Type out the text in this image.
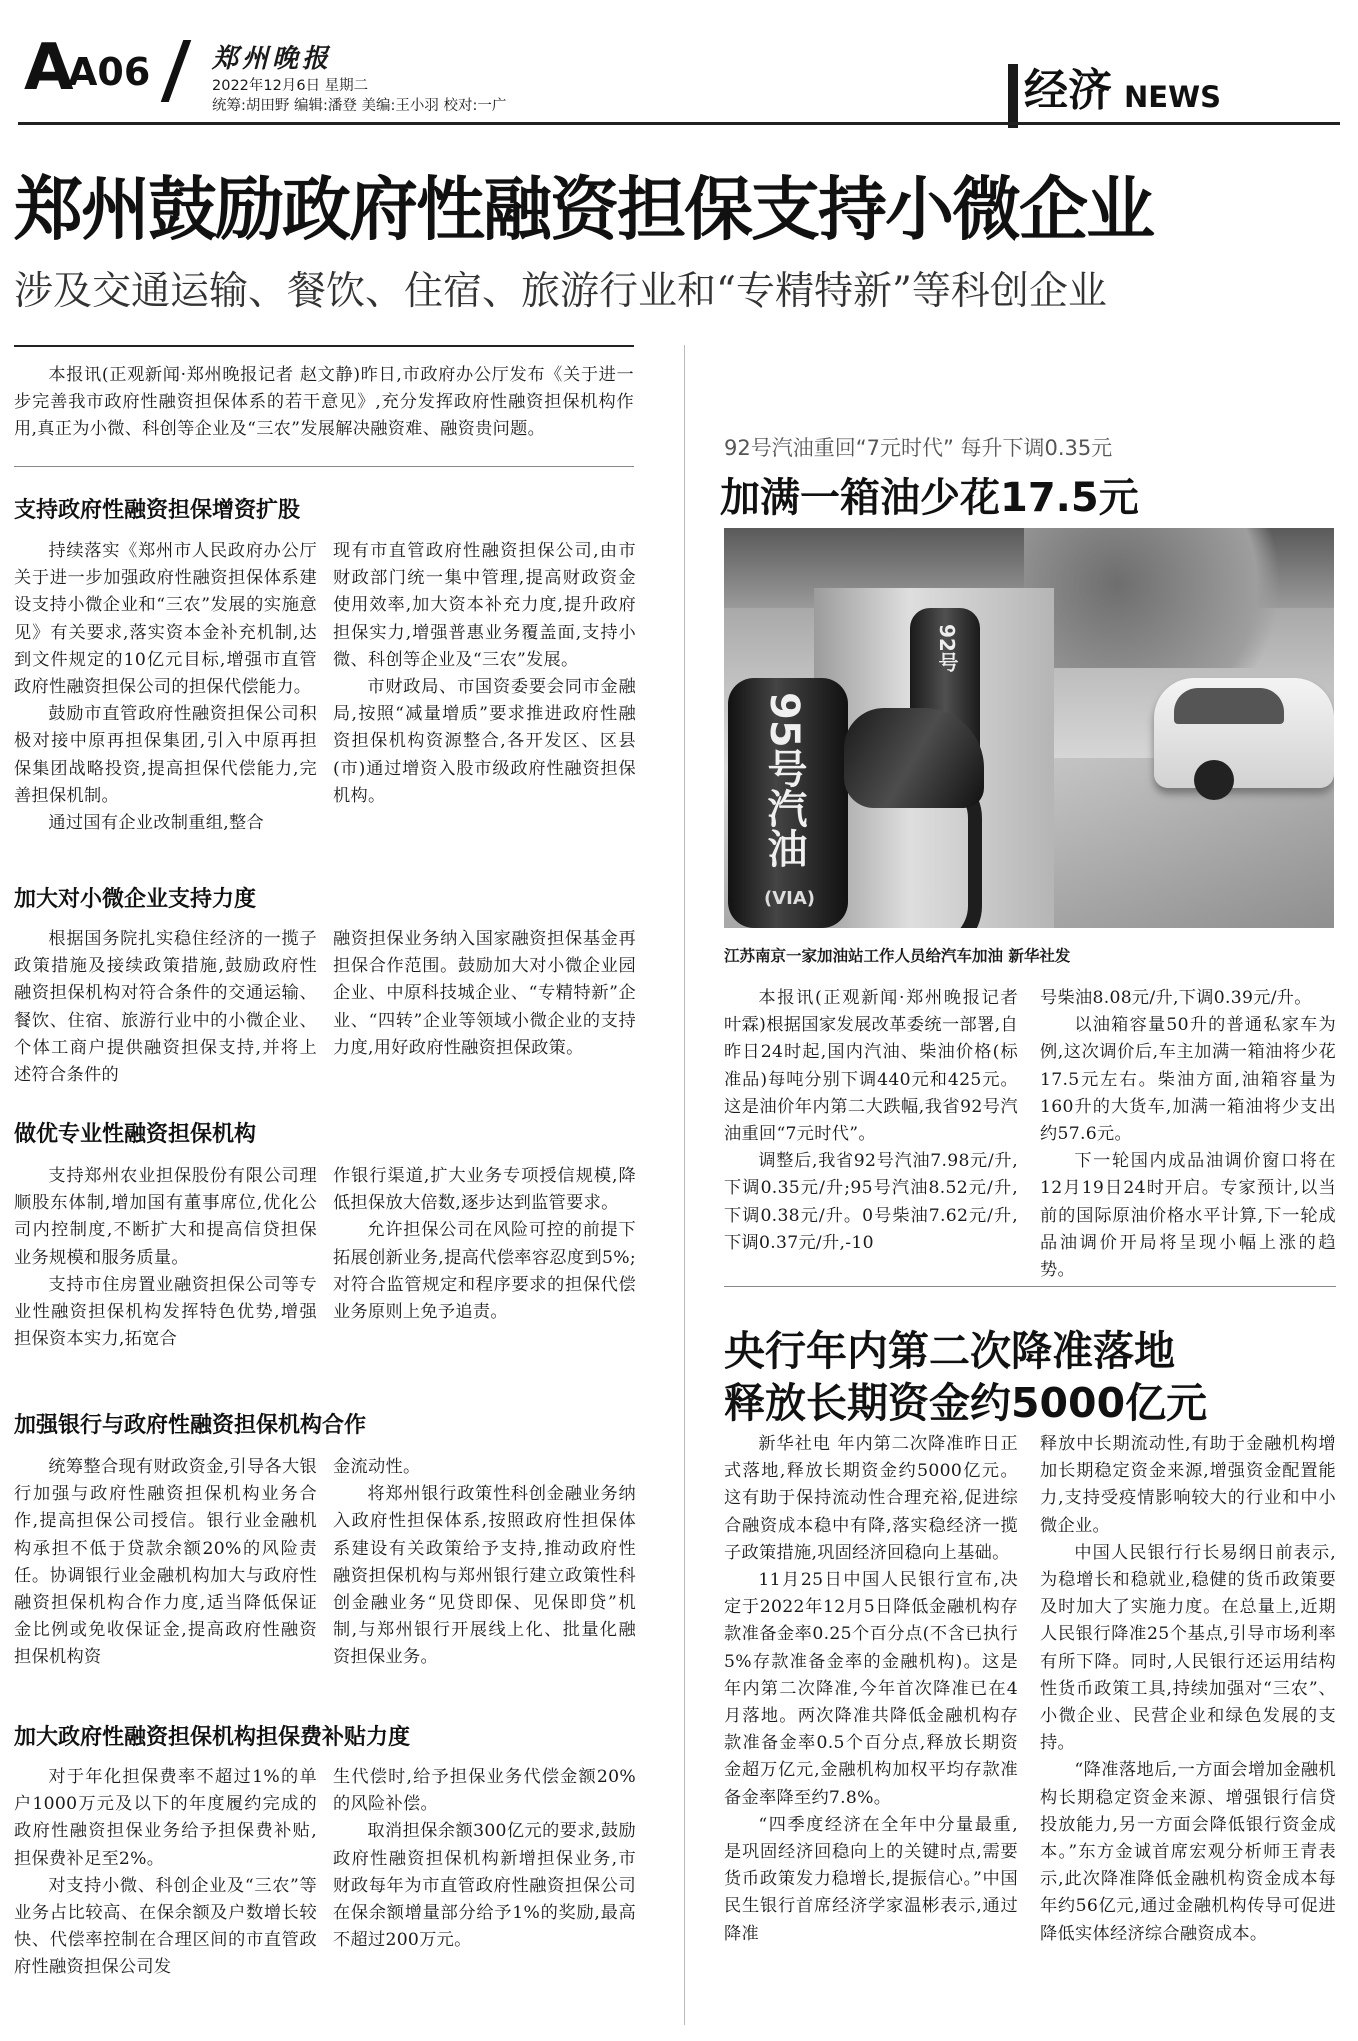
A
A06 郑州晚报
2022年12月6日 星期二
统筹:胡田野 编辑:潘登 美编:王小羽 校对:一广	经济 NEWS
郑州鼓励政府性融资担保支持小微企业
涉及交通运输、餐饮、住宿、旅游行业和“专精特新”等科创企业

本报讯(正观新闻·郑州晚报记者 赵文静)昨日,市政府办公厅发布《关于进一步完善我市政府性融资担保体系的若干意见》,充分发挥政府性融资担保机构作用,真正为小微、科创等企业及“三农”发展解决融资难、融资贵问题。

支持政府性融资担保增资扩股

持续落实《郑州市人民政府办公厅关于进一步加强政府性融资担保体系建设支持小微企业和“三农”发展的实施意见》有关要求,落实资本金补充机制,达到文件规定的10亿元目标,增强市直管政府性融资担保公司的担保代偿能力。

鼓励市直管政府性融资担保公司积极对接中原再担保集团,引入中原再担保集团战略投资,提高担保代偿能力,完善担保机制。

通过国有企业改制重组,整合

现有市直管政府性融资担保公司,由市财政部门统一集中管理,提高财政资金使用效率,加大资本补充力度,提升政府担保实力,增强普惠业务覆盖面,支持小微、科创等企业及“三农”发展。

市财政局、市国资委要会同市金融局,按照“减量增质”要求推进政府性融资担保机构资源整合,各开发区、区县(市)通过增资入股市级政府性融资担保机构。

加大对小微企业支持力度

根据国务院扎实稳住经济的一揽子政策措施及接续政策措施,鼓励政府性融资担保机构对符合条件的交通运输、餐饮、住宿、旅游行业中的小微企业、个体工商户提供融资担保支持,并将上述符合条件的

融资担保业务纳入国家融资担保基金再担保合作范围。鼓励加大对小微企业园企业、中原科技城企业、“专精特新”企业、“四转”企业等领域小微企业的支持力度,用好政府性融资担保政策。

做优专业性融资担保机构

支持郑州农业担保股份有限公司理顺股东体制,增加国有董事席位,优化公司内控制度,不断扩大和提高信贷担保业务规模和服务质量。

支持市住房置业融资担保公司等专业性融资担保机构发挥特色优势,增强担保资本实力,拓宽合

作银行渠道,扩大业务专项授信规模,降低担保放大倍数,逐步达到监管要求。

允许担保公司在风险可控的前提下拓展创新业务,提高代偿率容忍度到5%;对符合监管规定和程序要求的担保代偿业务原则上免予追责。

加强银行与政府性融资担保机构合作

统筹整合现有财政资金,引导各大银行加强与政府性融资担保机构业务合作,提高担保公司授信。银行业金融机构承担不低于贷款余额20%的风险责任。协调银行业金融机构加大与政府性融资担保机构合作力度,适当降低保证金比例或免收保证金,提高政府性融资担保机构资

金流动性。

将郑州银行政策性科创金融业务纳入政府性担保体系,按照政府性担保体系建设有关政策给予支持,推动政府性融资担保机构与郑州银行建立政策性科创金融业务“见贷即保、见保即贷”机制,与郑州银行开展线上化、批量化融资担保业务。

加大政府性融资担保机构担保费补贴力度

对于年化担保费率不超过1%的单户1000万元及以下的年度履约完成的政府性融资担保业务给予担保费补贴,担保费补足至2%。

对支持小微、科创企业及“三农”等业务占比较高、在保余额及户数增长较快、代偿率控制在合理区间的市直管政府性融资担保公司发

生代偿时,给予担保业务代偿金额20%的风险补偿。

取消担保余额300亿元的要求,鼓励政府性融资担保机构新增担保业务,市财政每年为市直管政府性融资担保公司在保余额增量部分给予1%的奖励,最高不超过200万元。

92号汽油重回“7元时代” 每升下调0.35元
加满一箱油少花17.5元
92号
95号汽油
(VIA)
江苏南京一家加油站工作人员给汽车加油 新华社发

本报讯(正观新闻·郑州晚报记者 叶霖)根据国家发展改革委统一部署,自昨日24时起,国内汽油、柴油价格(标准品)每吨分别下调440元和425元。这是油价年内第二大跌幅,我省92号汽油重回“7元时代”。

调整后,我省92号汽油7.98元/升,下调0.35元/升;95号汽油8.52元/升,下调0.38元/升。0号柴油7.62元/升,下调0.37元/升,-10

号柴油8.08元/升,下调0.39元/升。

以油箱容量50升的普通私家车为例,这次调价后,车主加满一箱油将少花17.5元左右。柴油方面,油箱容量为160升的大货车,加满一箱油将少支出约57.6元。

下一轮国内成品油调价窗口将在12月19日24时开启。专家预计,以当前的国际原油价格水平计算,下一轮成品油调价开局将呈现小幅上涨的趋势。

央行年内第二次降准落地
释放长期资金约5000亿元

新华社电 年内第二次降准昨日正式落地,释放长期资金约5000亿元。这有助于保持流动性合理充裕,促进综合融资成本稳中有降,落实稳经济一揽子政策措施,巩固经济回稳向上基础。

11月25日中国人民银行宣布,决定于2022年12月5日降低金融机构存款准备金率0.25个百分点(不含已执行5%存款准备金率的金融机构)。这是年内第二次降准,今年首次降准已在4月落地。两次降准共降低金融机构存款准备金率0.5个百分点,释放长期资金超万亿元,金融机构加权平均存款准备金率降至约7.8%。

“四季度经济在全年中分量最重,是巩固经济回稳向上的关键时点,需要货币政策发力稳增长,提振信心。”中国民生银行首席经济学家温彬表示,通过降准

释放中长期流动性,有助于金融机构增加长期稳定资金来源,增强资金配置能力,支持受疫情影响较大的行业和中小微企业。

中国人民银行行长易纲日前表示,为稳增长和稳就业,稳健的货币政策要及时加大了实施力度。在总量上,近期人民银行降准25个基点,引导市场利率有所下降。同时,人民银行还运用结构性货币政策工具,持续加强对“三农”、小微企业、民营企业和绿色发展的支持。

“降准落地后,一方面会增加金融机构长期稳定资金来源、增强银行信贷投放能力,另一方面会降低银行资金成本。”东方金诚首席宏观分析师王青表示,此次降准降低金融机构资金成本每年约56亿元,通过金融机构传导可促进降低实体经济综合融资成本。
